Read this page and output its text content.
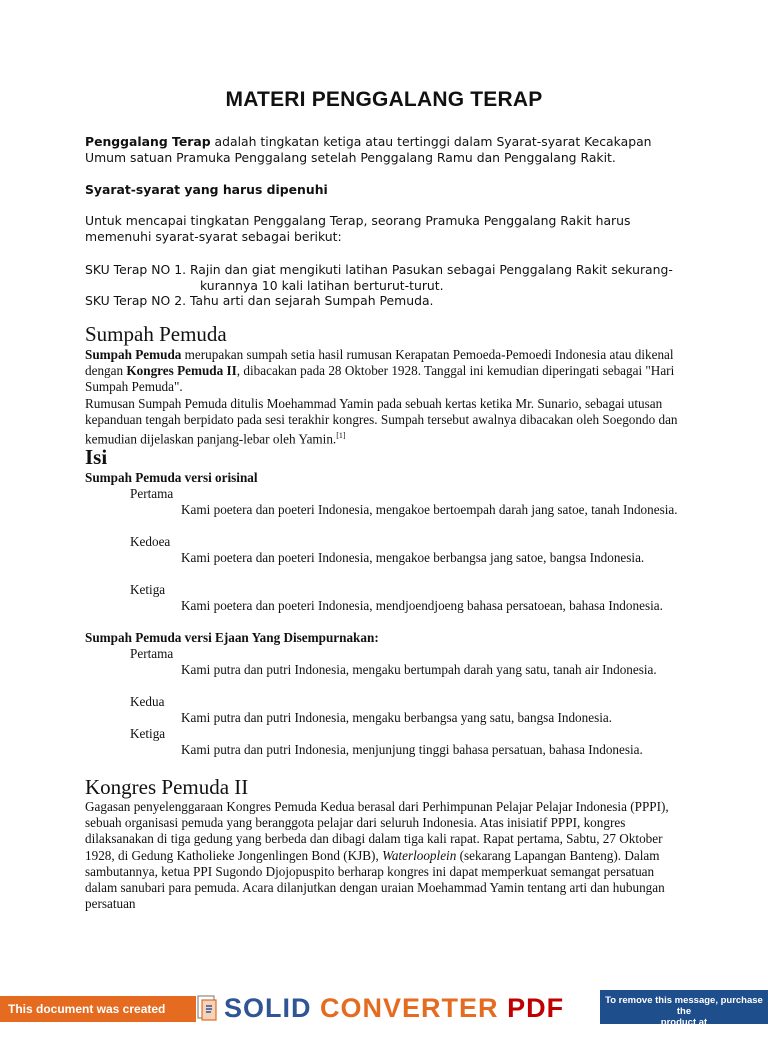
MATERI PENGGALANG TERAP
Penggalang Terap adalah tingkatan ketiga atau tertinggi dalam Syarat-syarat Kecakapan Umum satuan Pramuka Penggalang setelah Penggalang Ramu dan Penggalang Rakit.
Syarat-syarat yang harus dipenuhi
Untuk mencapai tingkatan Penggalang Terap, seorang Pramuka Penggalang Rakit harus memenuhi syarat-syarat sebagai berikut:
SKU Terap NO 1. Rajin dan giat mengikuti latihan Pasukan sebagai Penggalang Rakit sekurang-
kurannya 10 kali latihan berturut-turut.
SKU Terap NO 2. Tahu arti dan sejarah Sumpah Pemuda.
Sumpah Pemuda
Sumpah Pemuda merupakan sumpah setia hasil rumusan Kerapatan Pemoeda-Pemoedi Indonesia atau dikenal dengan Kongres Pemuda II, dibacakan pada 28 Oktober 1928. Tanggal ini kemudian diperingati sebagai "Hari Sumpah Pemuda".
Rumusan Sumpah Pemuda ditulis Moehammad Yamin pada sebuah kertas ketika Mr. Sunario, sebagai utusan kepanduan tengah berpidato pada sesi terakhir kongres. Sumpah tersebut awalnya dibacakan oleh Soegondo dan kemudian dijelaskan panjang-lebar oleh Yamin.[1]
Isi
Sumpah Pemuda versi orisinal
Pertama
Kami poetera dan poeteri Indonesia, mengakoe bertoempah darah jang satoe, tanah Indonesia.
Kedoea
Kami poetera dan poeteri Indonesia, mengakoe berbangsa jang satoe, bangsa Indonesia.
Ketiga
Kami poetera dan poeteri Indonesia, mendjoendjoeng bahasa persatoean, bahasa Indonesia.
Sumpah Pemuda versi Ejaan Yang Disempurnakan:
Pertama
Kami putra dan putri Indonesia, mengaku bertumpah darah yang satu, tanah air Indonesia.
Kedua
Kami putra dan putri Indonesia, mengaku berbangsa yang satu, bangsa Indonesia.
Ketiga
Kami putra dan putri Indonesia, menjunjung tinggi bahasa persatuan, bahasa Indonesia.
Kongres Pemuda II
Gagasan penyelenggaraan Kongres Pemuda Kedua berasal dari Perhimpunan Pelajar Pelajar Indonesia (PPPI), sebuah organisasi pemuda yang beranggota pelajar dari seluruh Indonesia. Atas inisiatif PPPI, kongres dilaksanakan di tiga gedung yang berbeda dan dibagi dalam tiga kali rapat. Rapat pertama, Sabtu, 27 Oktober 1928, di Gedung Katholieke Jongenlingen Bond (KJB), Waterlooplein (sekarang Lapangan Banteng). Dalam sambutannya, ketua PPI Sugondo Djojopuspito berharap kongres ini dapat memperkuat semangat persatuan dalam sanubari para pemuda. Acara dilanjutkan dengan uraian Moehammad Yamin tentang arti dan hubungan persatuan
This document was created using
SOLID CONVERTER PDF	To remove this message, purchase the
product at www.SolidDocuments.com
